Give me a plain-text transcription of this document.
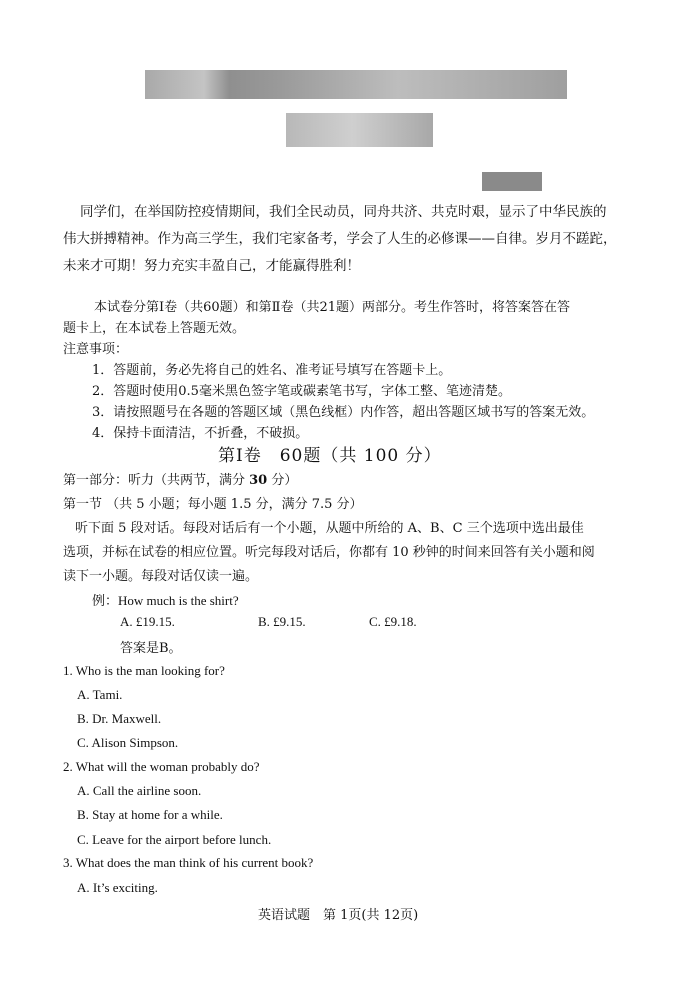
同学们，在举国防控疫情期间，我们全民动员，同舟共济、共克时艰，显示了中华民族的
伟大拼搏精神。作为高三学生，我们宅家备考，学会了人生的必修课——自律。岁月不蹉跎，
未来才可期！努力充实丰盈自己，才能赢得胜利！
本试卷分第Ⅰ卷（共60题）和第Ⅱ卷（共21题）两部分。考生作答时，将答案答在答
题卡上，在本试卷上答题无效。
注意事项：
1．答题前，务必先将自己的姓名、准考证号填写在答题卡上。
2．答题时使用0.5毫米黑色签字笔或碳素笔书写，字体工整、笔迹清楚。
3．请按照题号在各题的答题区域（黑色线框）内作答，超出答题区域书写的答案无效。
4．保持卡面清洁，不折叠，不破损。
第Ⅰ卷　60题（共 100 分）
第一部分：听力（共两节，满分 30 分）
第一节 （共 5 小题；每小题 1.5 分，满分 7.5 分）
听下面 5 段对话。每段对话后有一个小题，从题中所给的 A、B、C 三个选项中选出最佳
选项，并标在试卷的相应位置。听完每段对话后，你都有 10 秒钟的时间来回答有关小题和阅
读下一小题。每段对话仅读一遍。
例：How much is the shirt?
A. £19.15.	B. £9.15.	C. £9.18.
答案是B。
1. Who is the man looking for?
A. Tami.
B. Dr. Maxwell.
C. Alison Simpson.
2. What will the woman probably do?
A. Call the airline soon.
B. Stay at home for a while.
C. Leave for the airport before lunch.
3. What does the man think of his current book?
A. It’s exciting.
英语试题　第 1页(共 12页)
